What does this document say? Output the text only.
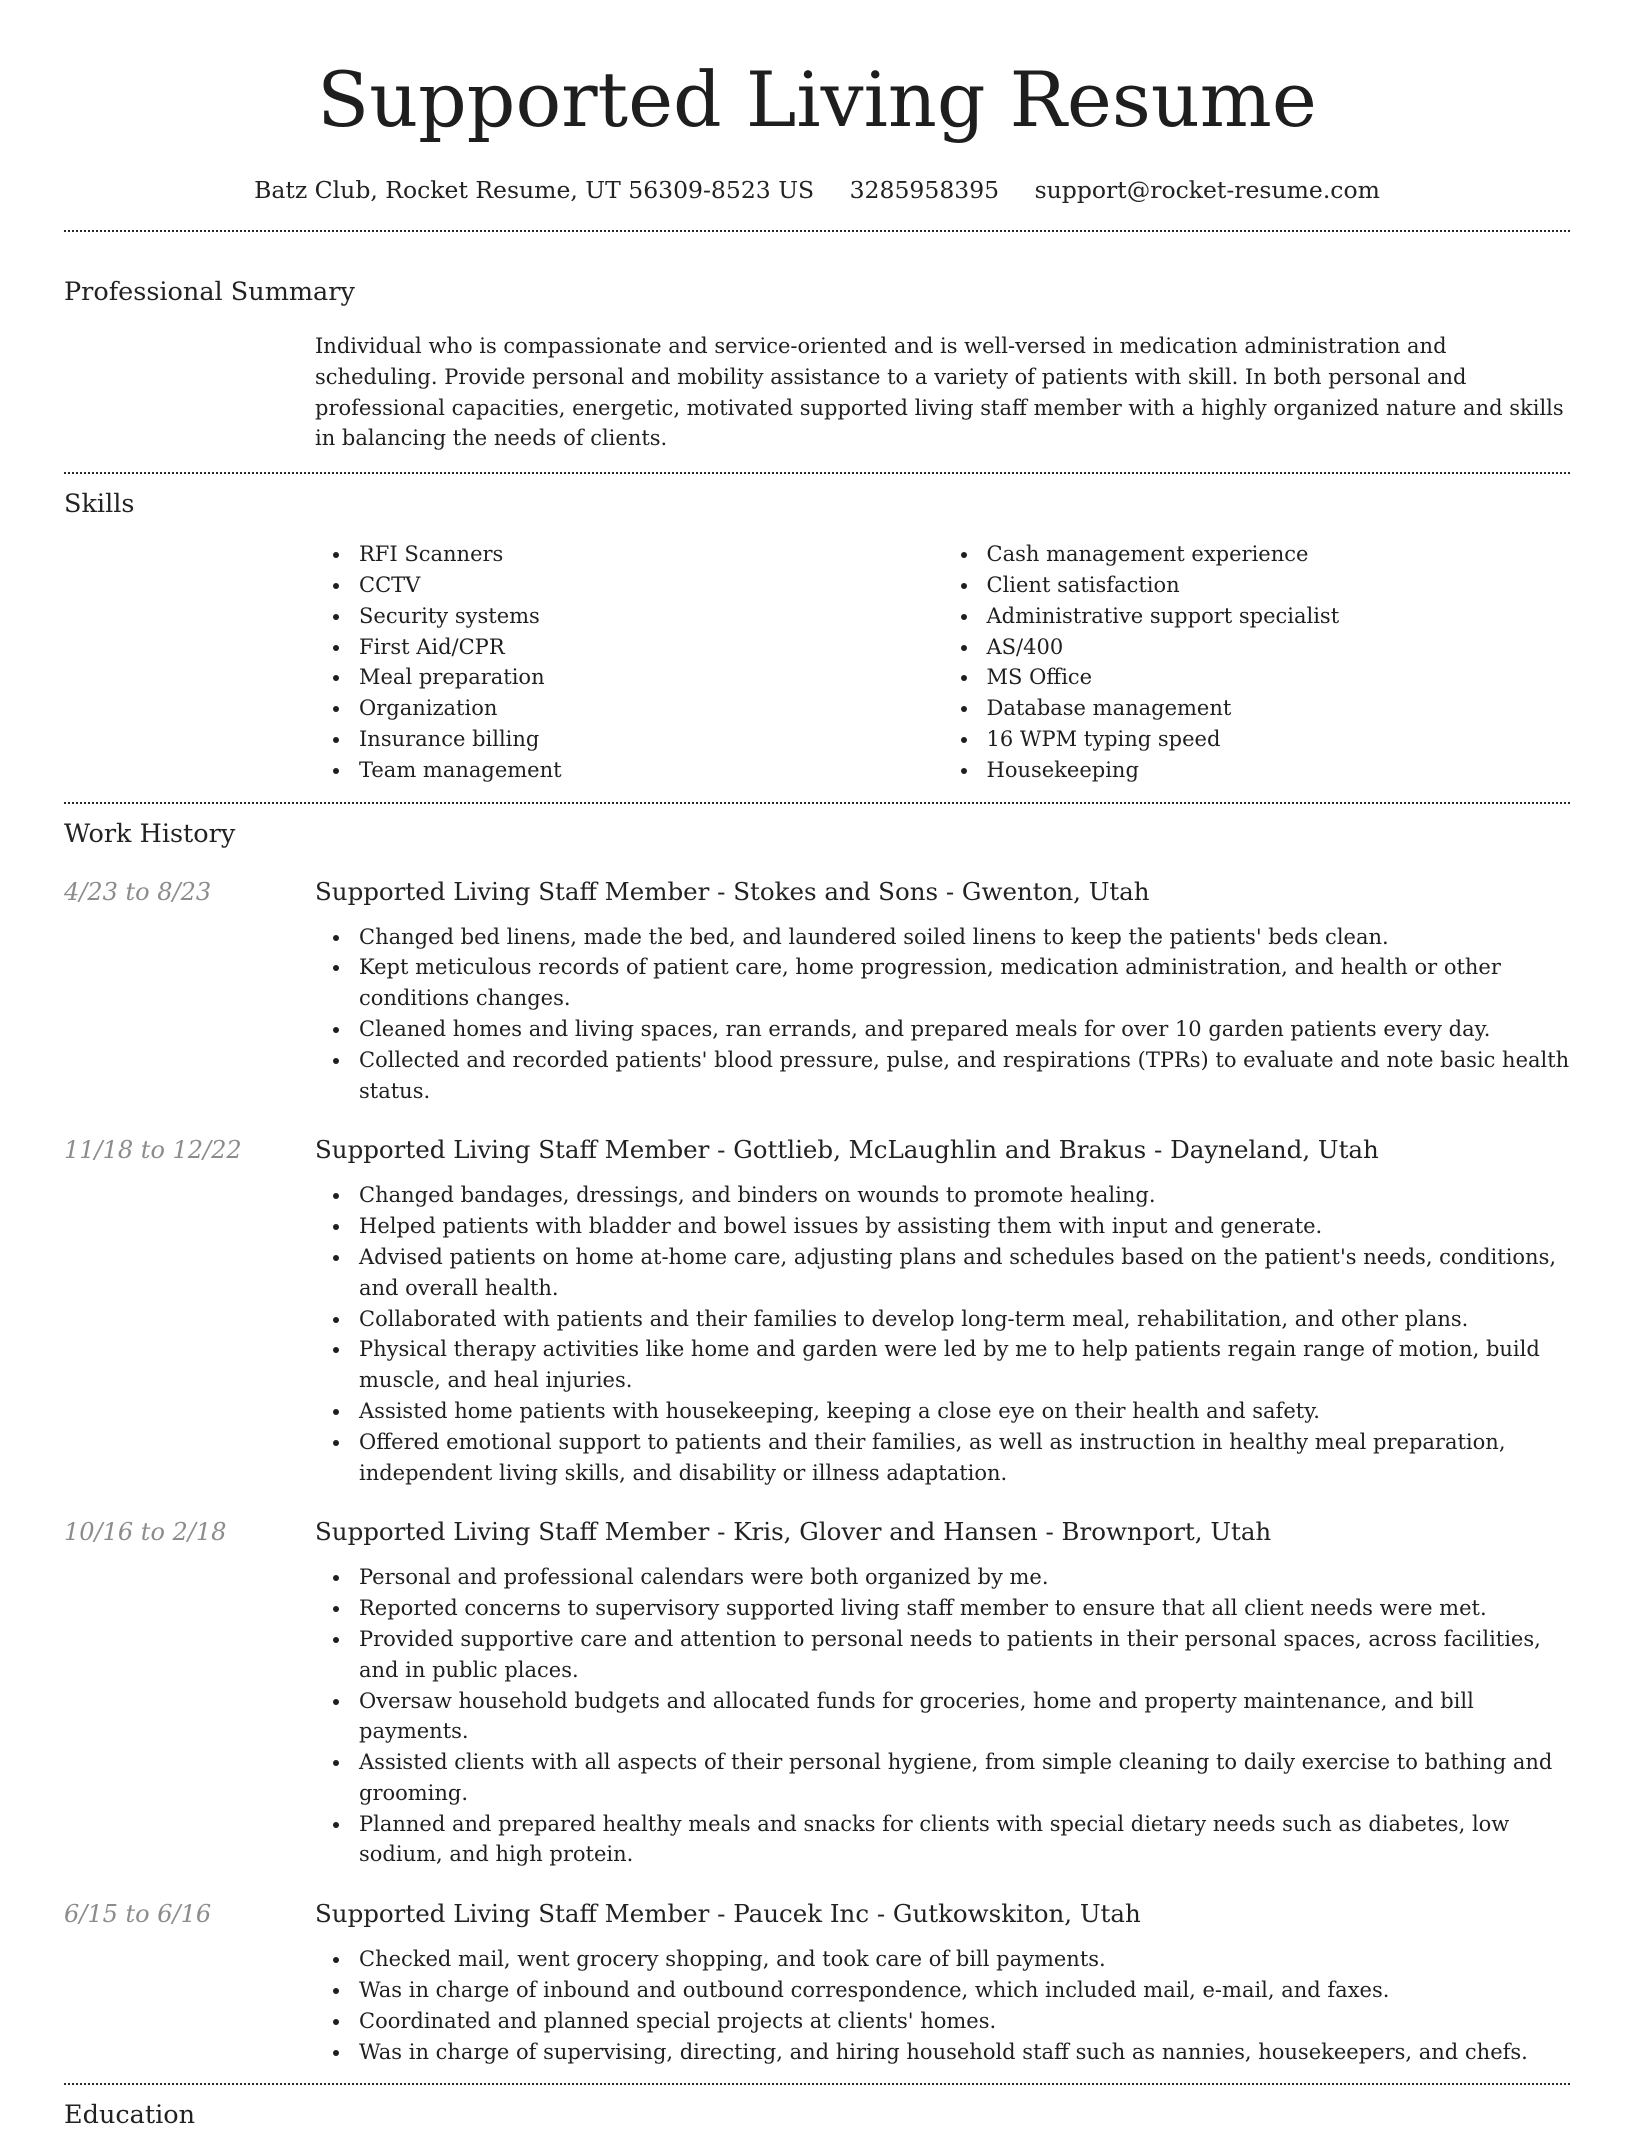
Supported Living Resume
Batz Club, Rocket Resume, UT 56309-8523 US 3285958395 support@rocket-resume.com
Professional Summary

Individual who is compassionate and service-oriented and is well-versed in medication administration and scheduling. Provide personal and mobility assistance to a variety of patients with skill. In both personal and professional capacities, energetic, motivated supported living staff member with a highly organized nature and skills in balancing the needs of clients.

Skills
RFI Scanners
CCTV
Security systems
First Aid/CPR
Meal preparation
Organization
Insurance billing
Team management
Cash management experience
Client satisfaction
Administrative support specialist
AS/400
MS Office
Database management
16 WPM typing speed
Housekeeping
Work History
4/23 to 8/23	Supported Living Staff Member - Stokes and Sons - Gwenton, Utah
Changed bed linens, made the bed, and laundered soiled linens to keep the patients' beds clean.
Kept meticulous records of patient care, home progression, medication administration, and health or other conditions changes.
Cleaned homes and living spaces, ran errands, and prepared meals for over 10 garden patients every day.
Collected and recorded patients' blood pressure, pulse, and respirations (TPRs) to evaluate and note basic health status.
11/18 to 12/22	Supported Living Staff Member - Gottlieb, McLaughlin and Brakus - Dayneland, Utah
Changed bandages, dressings, and binders on wounds to promote healing.
Helped patients with bladder and bowel issues by assisting them with input and generate.
Advised patients on home at-home care, adjusting plans and schedules based on the patient's needs, conditions, and overall health.
Collaborated with patients and their families to develop long-term meal, rehabilitation, and other plans.
Physical therapy activities like home and garden were led by me to help patients regain range of motion, build muscle, and heal injuries.
Assisted home patients with housekeeping, keeping a close eye on their health and safety.
Offered emotional support to patients and their families, as well as instruction in healthy meal preparation, independent living skills, and disability or illness adaptation.
10/16 to 2/18	Supported Living Staff Member - Kris, Glover and Hansen - Brownport, Utah
Personal and professional calendars were both organized by me.
Reported concerns to supervisory supported living staff member to ensure that all client needs were met.
Provided supportive care and attention to personal needs to patients in their personal spaces, across facilities, and in public places.
Oversaw household budgets and allocated funds for groceries, home and property maintenance, and bill payments.
Assisted clients with all aspects of their personal hygiene, from simple cleaning to daily exercise to bathing and grooming.
Planned and prepared healthy meals and snacks for clients with special dietary needs such as diabetes, low sodium, and high protein.
6/15 to 6/16	Supported Living Staff Member - Paucek Inc - Gutkowskiton, Utah
Checked mail, went grocery shopping, and took care of bill payments.
Was in charge of inbound and outbound correspondence, which included mail, e-mail, and faxes.
Coordinated and planned special projects at clients' homes.
Was in charge of supervising, directing, and hiring household staff such as nannies, housekeepers, and chefs.
Education
